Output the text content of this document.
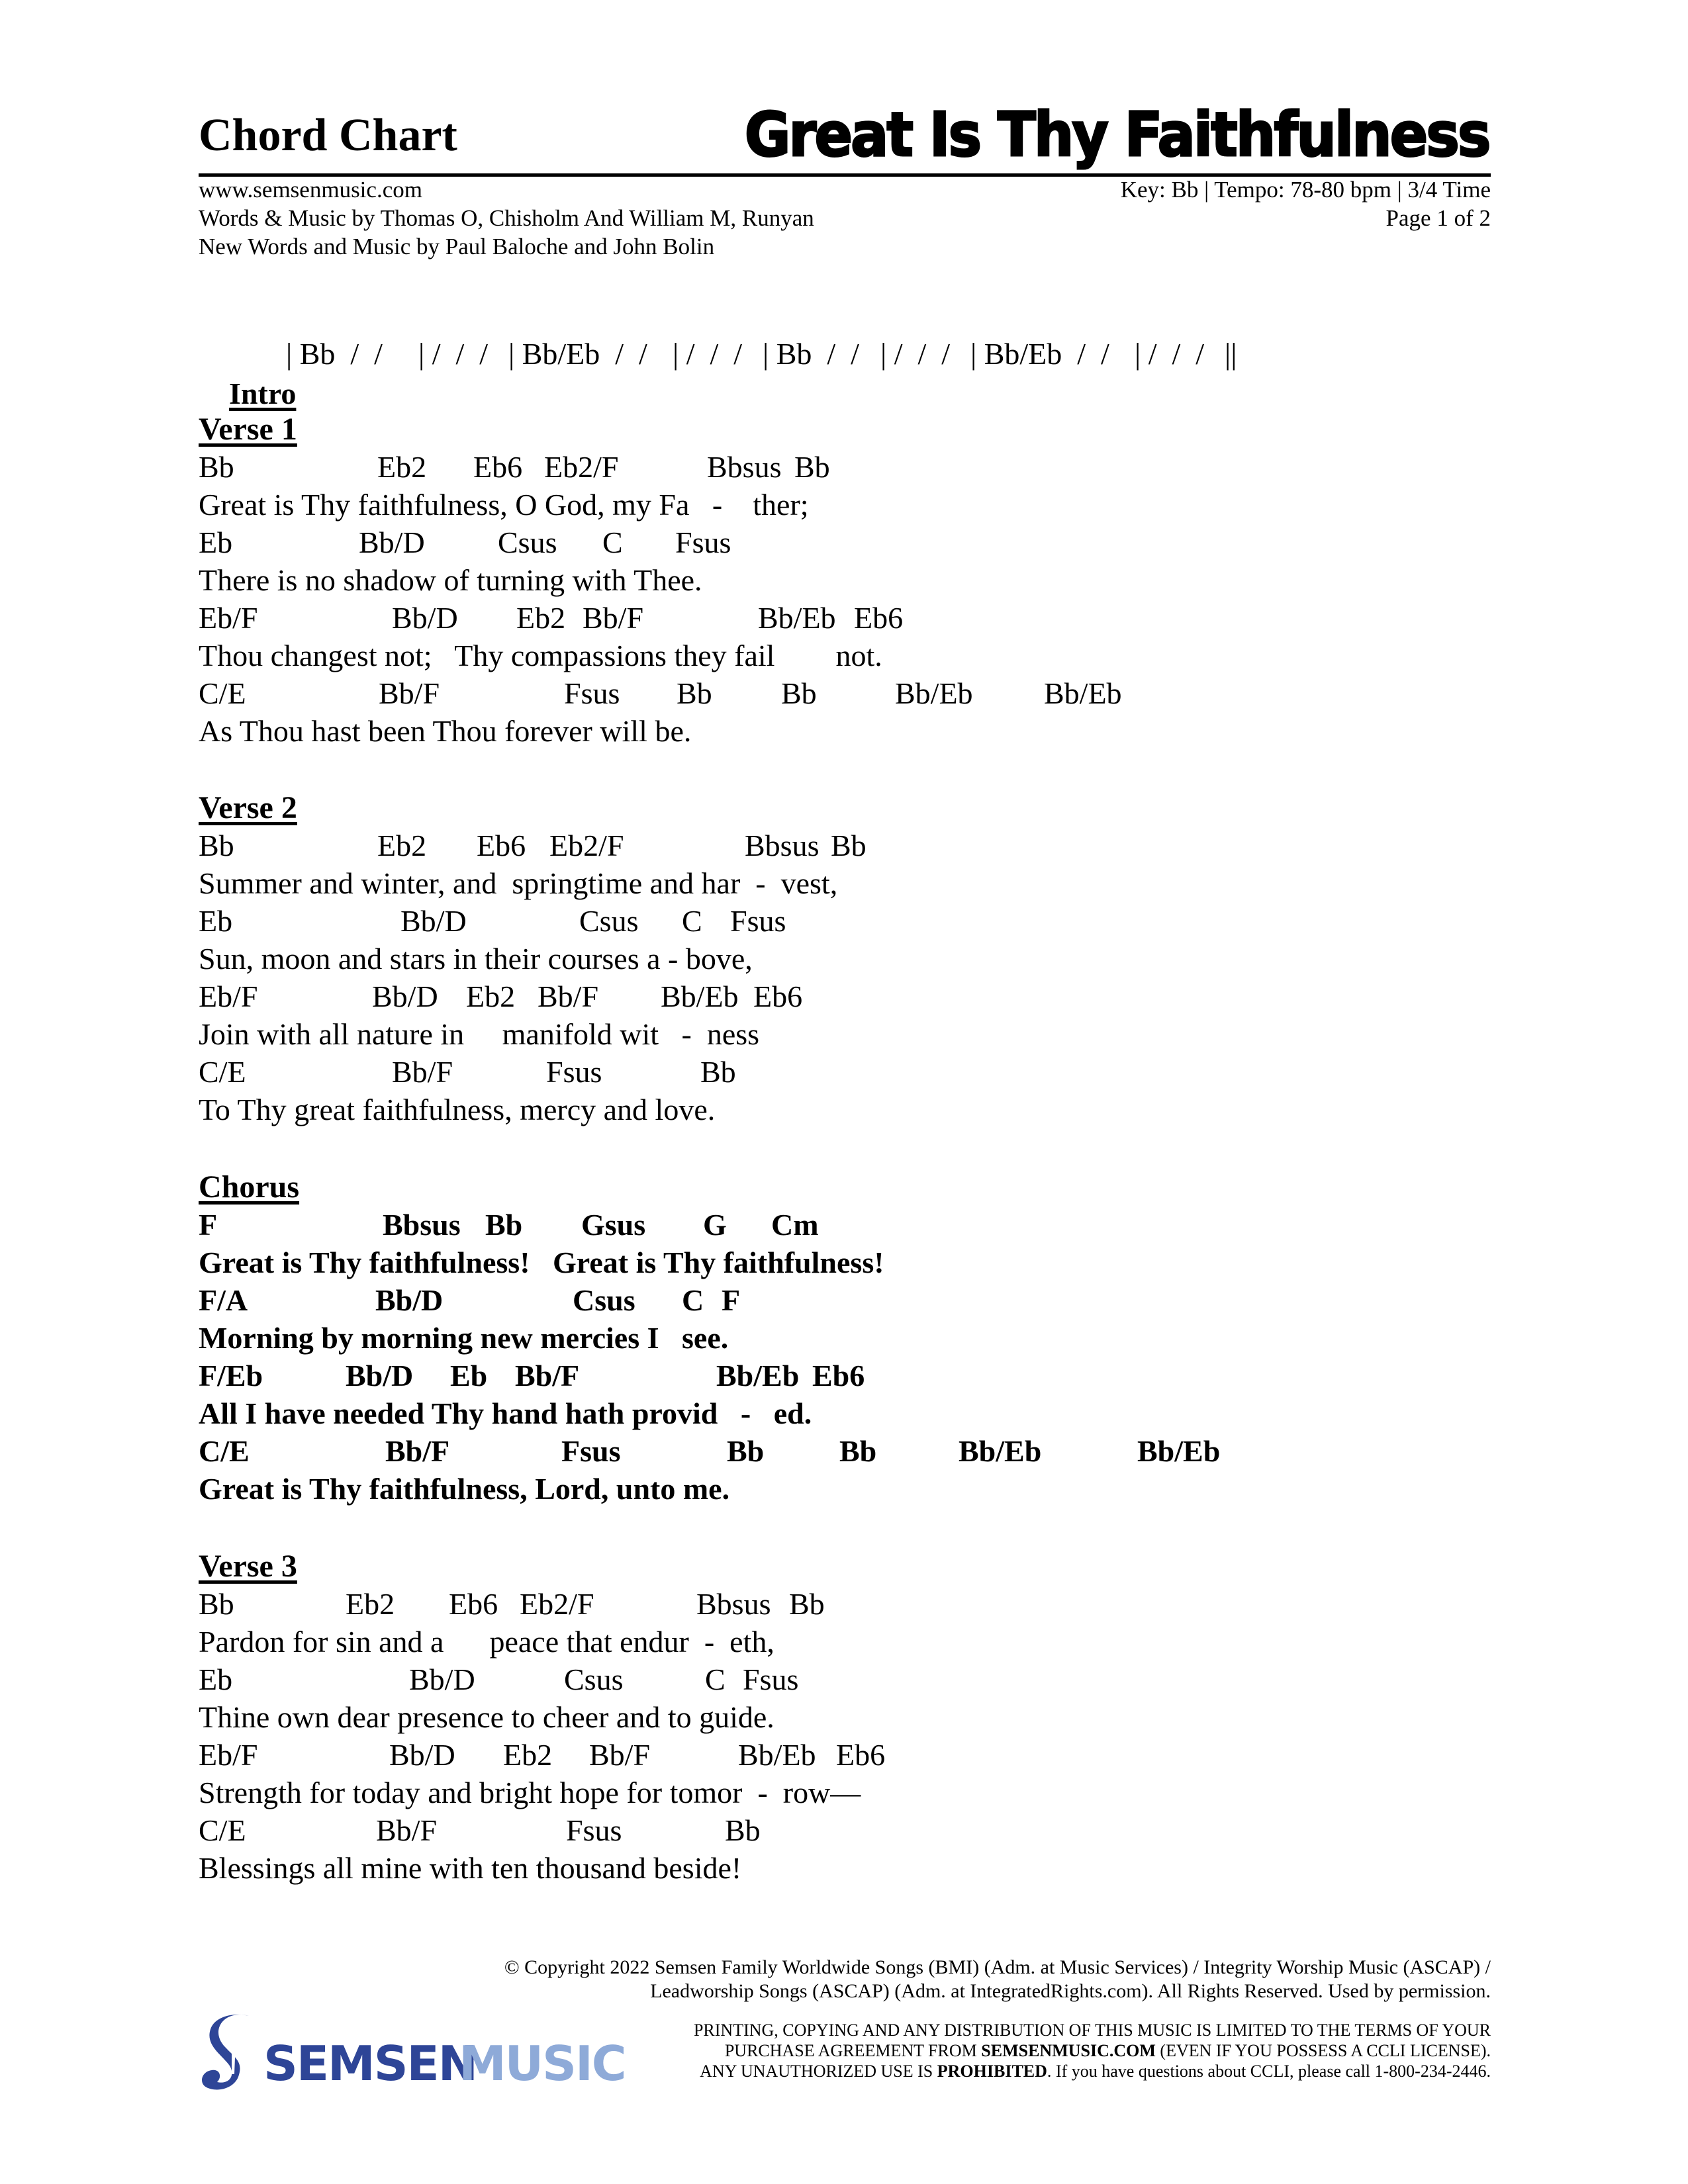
Chord Chart	Great Is Thy Faithfulness
www.semsenmusic.com
Words & Music by Thomas O, Chisholm And William M, Runyan
New Words and Music by Paul Baloche and John Bolin
Key: Bb | Tempo: 78-80 bpm | 3/4 Time
Page 1 of 2

Intro

| Bb  /  / | /  /  / | Bb/Eb  /  / | /  /  / | Bb  /  / | /  /  / | Bb/Eb  /  / | /  /  / ||
Verse 1
Bb	Eb2 Eb6 Eb2/F	Bbsus Bb
Great is Thy faithfulness, O God, my Fa   -    ther;
Eb	Bb/D Csus C Fsus
There is no shadow of turning with Thee.
Eb/F	Bb/D Eb2 Bb/F	Bb/Eb Eb6
Thou changest not;   Thy compassions they fail        not.
C/E	Bb/F	Fsus Bb Bb	Bb/Eb Bb/Eb
As Thou hast been Thou forever will be.
Verse 2
Bb	Eb2 Eb6 Eb2/F	Bbsus Bb
Summer and winter, and  springtime and har  -  vest,
Eb	Bb/D	Csus C Fsus
Sun, moon and stars in their courses a - bove,
Eb/F	Bb/D Eb2 Bb/F Bb/Eb Eb6
Join with all nature in     manifold wit   -  ness
C/E	Bb/F	Fsus	Bb
To Thy great faithfulness, mercy and love.
Chorus
F	Bbsus Bb Gsus G Cm
Great is Thy faithfulness!   Great is Thy faithfulness!
F/A	Bb/D	Csus C F
Morning by morning new mercies I   see.
F/Eb	Bb/D Eb Bb/F	Bb/Eb Eb6
All I have needed Thy hand hath provid   -   ed.
C/E	Bb/F	Fsus	Bb Bb	Bb/Eb	Bb/Eb
Great is Thy faithfulness, Lord, unto me.
Verse 3
Bb	Eb2 Eb6 Eb2/F	Bbsus Bb
Pardon for sin and a      peace that endur  -  eth,
Eb	Bb/D	Csus	C Fsus
Thine own dear presence to cheer and to guide.
Eb/F	Bb/D Eb2 Bb/F	Bb/Eb Eb6
Strength for today and bright hope for tomor  -  row—
C/E	Bb/F	Fsus	Bb
Blessings all mine with ten thousand beside!
© Copyright 2022 Semsen Family Worldwide Songs (BMI) (Adm. at Music Services) / Integrity Worship Music (ASCAP) /
Leadworship Songs (ASCAP) (Adm. at IntegratedRights.com). All Rights Reserved. Used by permission.
PRINTING, COPYING AND ANY DISTRIBUTION OF THIS MUSIC IS LIMITED TO THE TERMS OF YOUR
PURCHASE AGREEMENT FROM SEMSENMUSIC.COM (EVEN IF YOU POSSESS A CCLI LICENSE).
ANY UNAUTHORIZED USE IS PROHIBITED. If you have questions about CCLI, please call 1-800-234-2446.
SEMSEN
MUSIC
